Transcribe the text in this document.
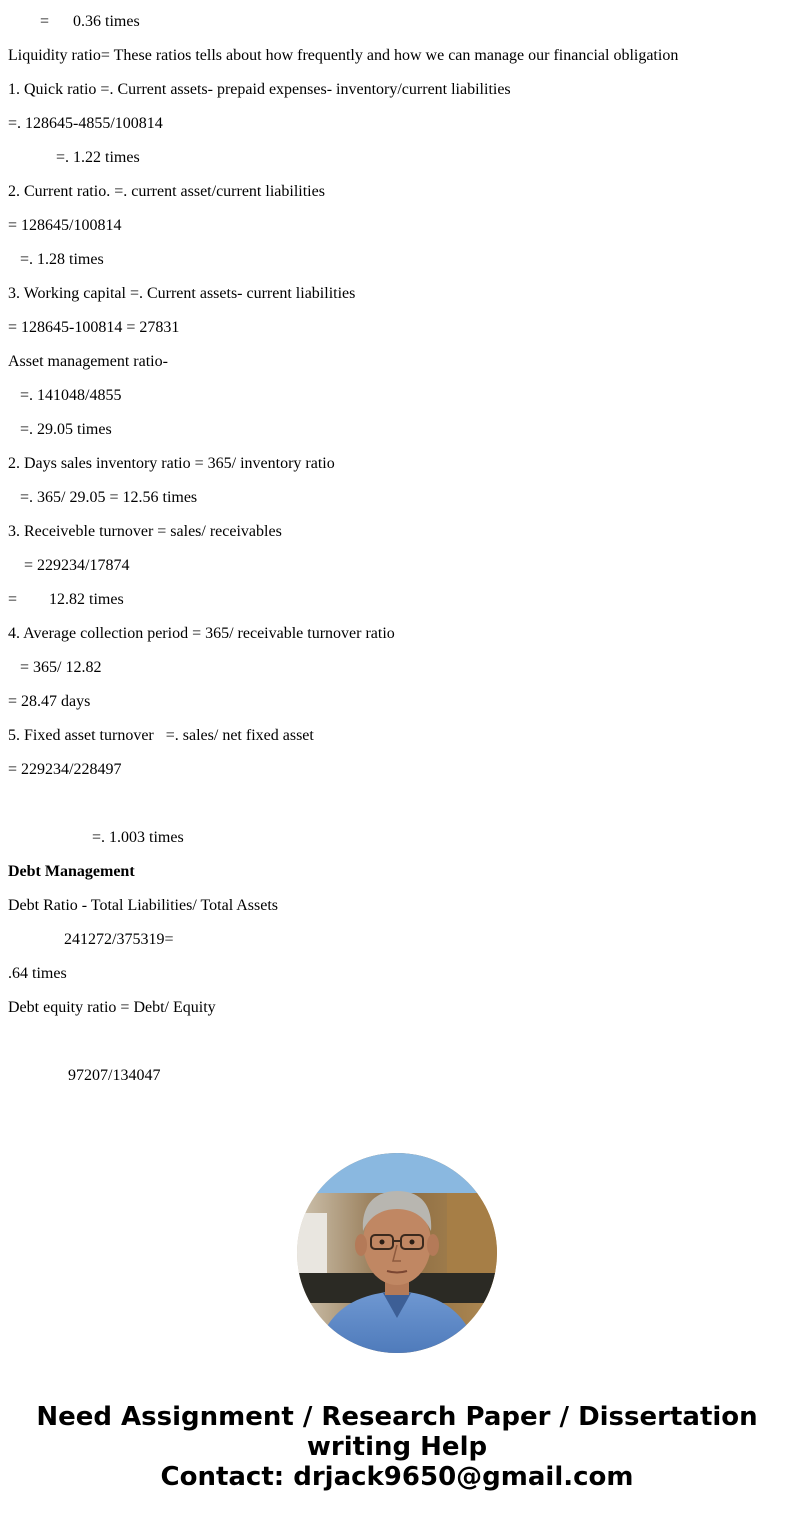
=      0.36 times
Liquidity ratio= These ratios tells about how frequently and how we can manage our financial obligation
1. Quick ratio =. Current assets- prepaid expenses- inventory/current liabilities
=. 128645-4855/100814
=. 1.22 times
2. Current ratio. =. current asset/current liabilities
= 128645/100814
=. 1.28 times
3. Working capital =. Current assets- current liabilities
= 128645-100814 = 27831
Asset management ratio-
=. 141048/4855
=. 29.05 times
2. Days sales inventory ratio = 365/ inventory ratio
=. 365/ 29.05 = 12.56 times
3. Receiveble turnover = sales/ receivables
= 229234/17874
=        12.82 times
4. Average collection period = 365/ receivable turnover ratio
= 365/ 12.82
= 28.47 days
5. Fixed asset turnover   =. sales/ net fixed asset
= 229234/228497
=. 1.003 times
Debt Management
Debt Ratio - Total Liabilities/ Total Assets
241272/375319=
.64 times
Debt equity ratio = Debt/ Equity
97207/134047
Need Assignment / Research Paper / Dissertation
writing Help
Contact: drjack9650@gmail.com
